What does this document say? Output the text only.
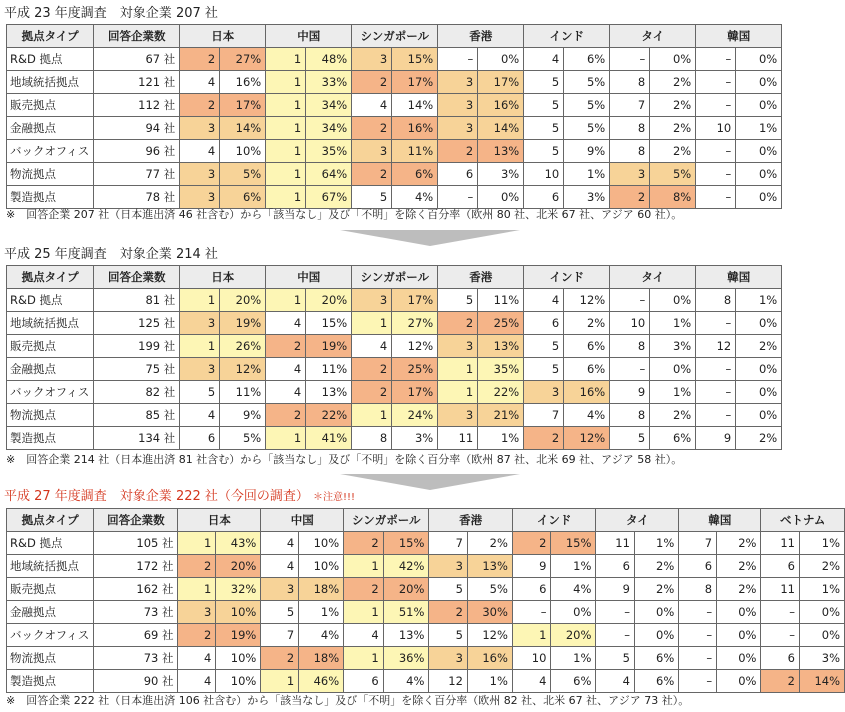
平成 23 年度調査　対象企業 207 社
拠点タイプ	回答企業数	日本		中国		シンガポール		香港		インド		タイ		韓国	
R&D 拠点	67 社	2	27%	1	48%	3	15%	–	0%	4	6%	–	0%	–	0%
地域統括拠点	121 社	4	16%	1	33%	2	17%	3	17%	5	5%	8	2%	–	0%
販売拠点	112 社	2	17%	1	34%	4	14%	3	16%	5	5%	7	2%	–	0%
金融拠点	94 社	3	14%	1	34%	2	16%	3	14%	5	5%	8	2%	10	1%
バックオフィス	96 社	4	10%	1	35%	3	11%	2	13%	5	9%	8	2%	–	0%
物流拠点	77 社	3	5%	1	64%	2	6%	6	3%	10	1%	3	5%	–	0%
製造拠点	78 社	3	6%	1	67%	5	4%	–	0%	6	3%	2	8%	–	0%
※　回答企業 207 社（日本進出済 46 社含む）から「該当なし」及び「不明」を除く百分率（欧州 80 社、北米 67 社、アジア 60 社）。
平成 25 年度調査　対象企業 214 社
拠点タイプ	回答企業数	日本		中国		シンガポール		香港		インド		タイ		韓国	
R&D 拠点	81 社	1	20%	1	20%	3	17%	5	11%	4	12%	–	0%	8	1%
地域統括拠点	125 社	3	19%	4	15%	1	27%	2	25%	6	2%	10	1%	–	0%
販売拠点	199 社	1	26%	2	19%	4	12%	3	13%	5	6%	8	3%	12	2%
金融拠点	75 社	3	12%	4	11%	2	25%	1	35%	5	6%	–	0%	–	0%
バックオフィス	82 社	5	11%	4	13%	2	17%	1	22%	3	16%	9	1%	–	0%
物流拠点	85 社	4	9%	2	22%	1	24%	3	21%	7	4%	8	2%	–	0%
製造拠点	134 社	6	5%	1	41%	8	3%	11	1%	2	12%	5	6%	9	2%
※　回答企業 214 社（日本進出済 81 社含む）から「該当なし」及び「不明」を除く百分率（欧州 87 社、北米 69 社、アジア 58 社）。
平成 27 年度調査　対象企業 222 社（今回の調査） ＊注意!!!
拠点タイプ	回答企業数	日本		中国		シンガポール		香港		インド		タイ		韓国		ベトナム	
R&D 拠点	105 社	1	43%	4	10%	2	15%	7	2%	2	15%	11	1%	7	2%	11	1%
地域統括拠点	172 社	2	20%	4	10%	1	42%	3	13%	9	1%	6	2%	6	2%	6	2%
販売拠点	162 社	1	32%	3	18%	2	20%	5	5%	6	4%	9	2%	8	2%	11	1%
金融拠点	73 社	3	10%	5	1%	1	51%	2	30%	–	0%	–	0%	–	0%	–	0%
バックオフィス	69 社	2	19%	7	4%	4	13%	5	12%	1	20%	–	0%	–	0%	–	0%
物流拠点	73 社	4	10%	2	18%	1	36%	3	16%	10	1%	5	6%	–	0%	6	3%
製造拠点	90 社	4	10%	1	46%	6	4%	12	1%	4	6%	4	6%	–	0%	2	14%
※　回答企業 222 社（日本進出済 106 社含む）から「該当なし」及び「不明」を除く百分率（欧州 82 社、北米 67 社、アジア 73 社）。
